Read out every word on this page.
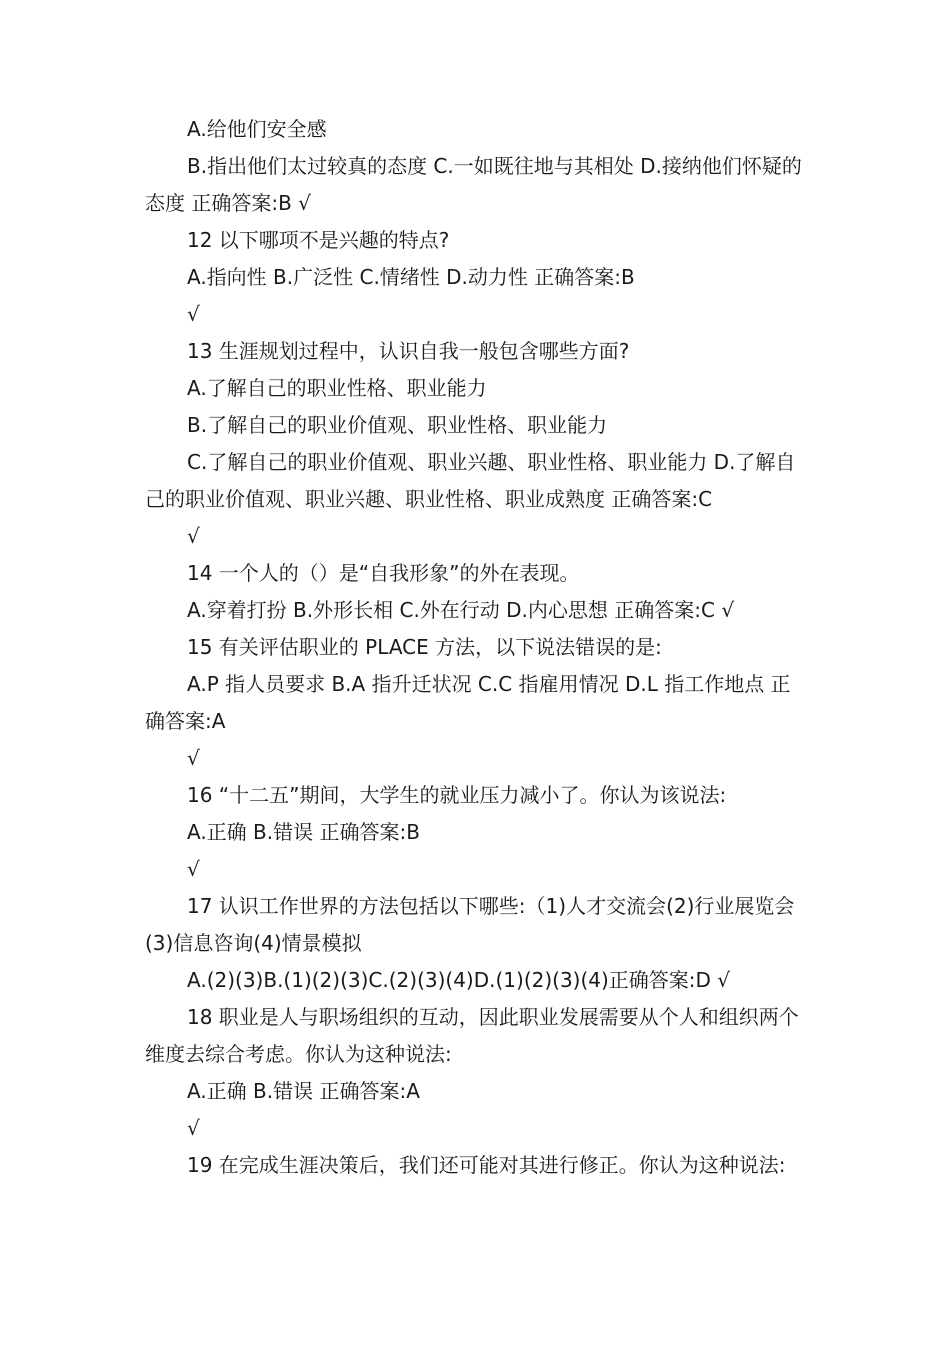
A.给他们安全感

B.指出他们太过较真的态度 C.一如既往地与其相处 D.接纳他们怀疑的态度 正确答案:B √

12 以下哪项不是兴趣的特点?

A.指向性 B.广泛性 C.情绪性 D.动力性 正确答案:B

√

13 生涯规划过程中，认识自我一般包含哪些方面?

A.了解自己的职业性格、职业能力

B.了解自己的职业价值观、职业性格、职业能力

C.了解自己的职业价值观、职业兴趣、职业性格、职业能力 D.了解自己的职业价值观、职业兴趣、职业性格、职业成熟度 正确答案:C

√

14 一个人的（）是“自我形象”的外在表现。

A.穿着打扮 B.外形长相 C.外在行动 D.内心思想 正确答案:C √

15 有关评估职业的 PLACE 方法，以下说法错误的是:

A.P 指人员要求 B.A 指升迁状况 C.C 指雇用情况 D.L 指工作地点 正确答案:A

√

16 “十二五”期间，大学生的就业压力减小了。你认为该说法:

A.正确 B.错误 正确答案:B

√

17 认识工作世界的方法包括以下哪些:（1)人才交流会(2)行业展览会(3)信息咨询(4)情景模拟

A.(2)(3)B.(1)(2)(3)C.(2)(3)(4)D.(1)(2)(3)(4)正确答案:D √

18 职业是人与职场组织的互动，因此职业发展需要从个人和组织两个维度去综合考虑。你认为这种说法:

A.正确 B.错误 正确答案:A

√

19 在完成生涯决策后，我们还可能对其进行修正。你认为这种说法:
